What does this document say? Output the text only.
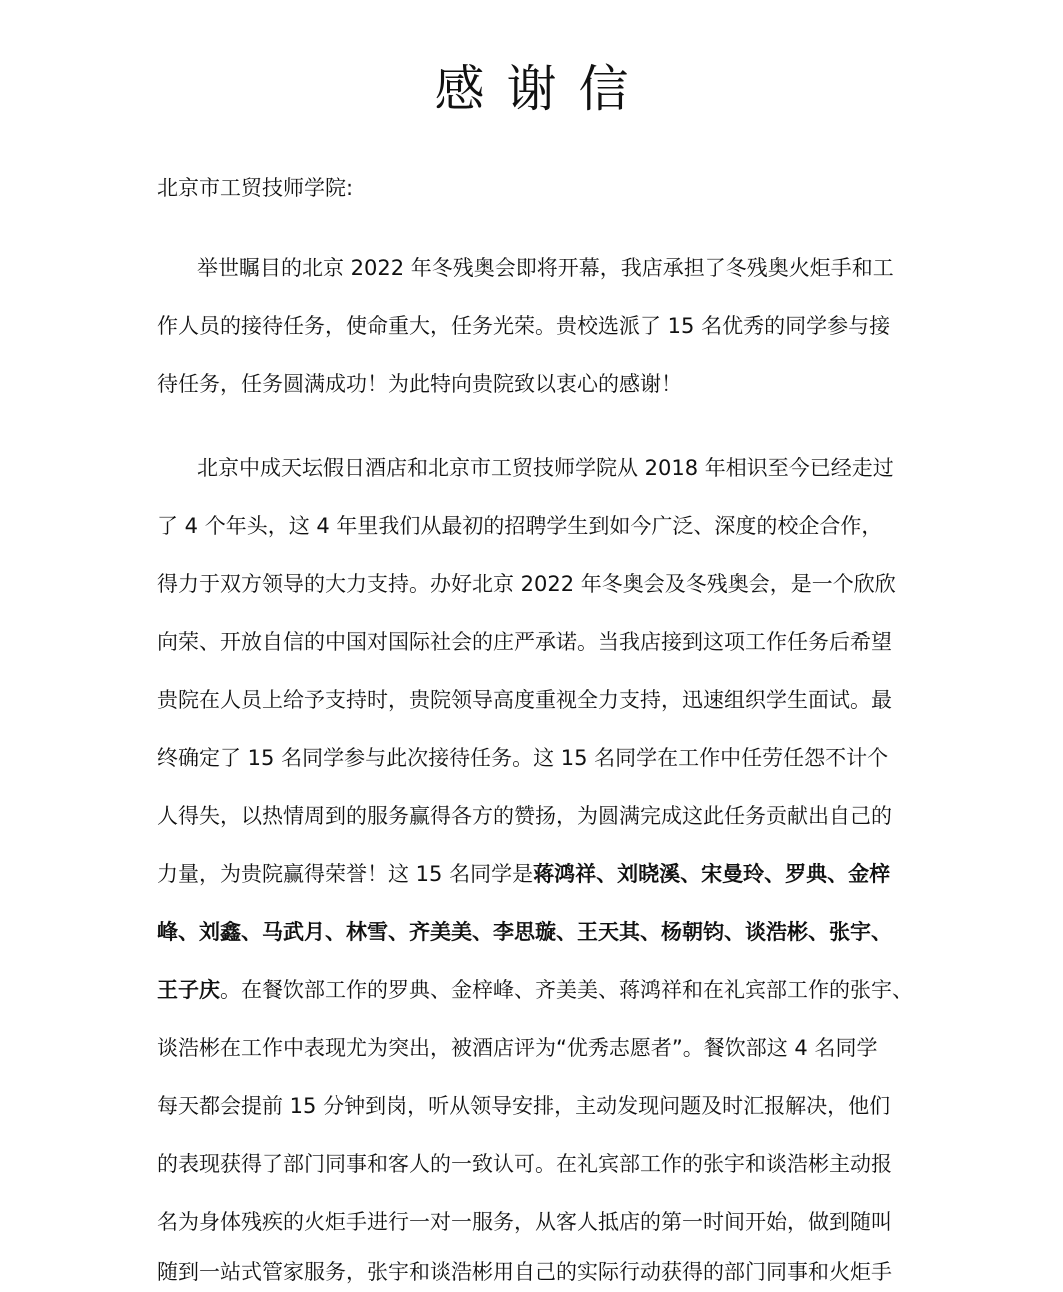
感谢信

北京市工贸技师学院:

举世瞩目的北京 2022 年冬残奥会即将开幕，我店承担了冬残奥火炬手和工

作人员的接待任务，使命重大，任务光荣。贵校选派了 15 名优秀的同学参与接

待任务，任务圆满成功！为此特向贵院致以衷心的感谢！

北京中成天坛假日酒店和北京市工贸技师学院从 2018 年相识至今已经走过

了 4 个年头，这 4 年里我们从最初的招聘学生到如今广泛、深度的校企合作，

得力于双方领导的大力支持。办好北京 2022 年冬奥会及冬残奥会，是一个欣欣

向荣、开放自信的中国对国际社会的庄严承诺。当我店接到这项工作任务后希望

贵院在人员上给予支持时，贵院领导高度重视全力支持，迅速组织学生面试。最

终确定了 15 名同学参与此次接待任务。这 15 名同学在工作中任劳任怨不计个

人得失，以热情周到的服务赢得各方的赞扬，为圆满完成这此任务贡献出自己的

力量，为贵院赢得荣誉！这 15 名同学是蒋鸿祥、刘晓溪、宋曼玲、罗典、金梓

峰、刘鑫、马武月、林雪、齐美美、李思璇、王天其、杨朝钧、谈浩彬、张宇、

王子庆。在餐饮部工作的罗典、金梓峰、齐美美、蒋鸿祥和在礼宾部工作的张宇、

谈浩彬在工作中表现尤为突出，被酒店评为“优秀志愿者”。餐饮部这 4 名同学

每天都会提前 15 分钟到岗，听从领导安排，主动发现问题及时汇报解决，他们

的表现获得了部门同事和客人的一致认可。在礼宾部工作的张宇和谈浩彬主动报

名为身体残疾的火炬手进行一对一服务，从客人抵店的第一时间开始，做到随叫

随到一站式管家服务，张宇和谈浩彬用自己的实际行动获得的部门同事和火炬手
